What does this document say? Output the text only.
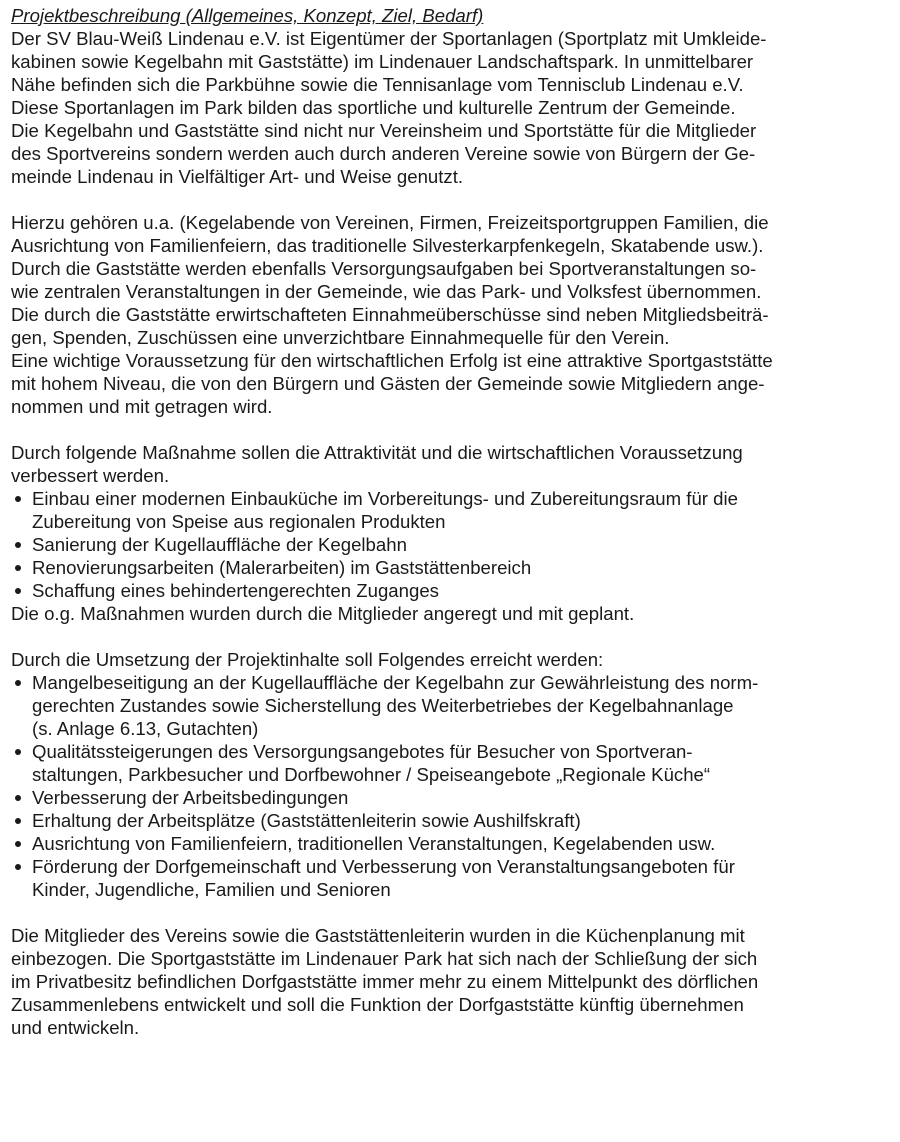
Projektbeschreibung (Allgemeines, Konzept, Ziel, Bedarf)

Der SV Blau-Weiß Lindenau e.V. ist Eigentümer der Sportanlagen (Sportplatz mit Umkleide-
kabinen sowie Kegelbahn mit Gaststätte) im Lindenauer Landschaftspark. In unmittelbarer
Nähe befinden sich die Parkbühne sowie die Tennisanlage vom Tennisclub Lindenau e.V.
Diese Sportanlagen im Park bilden das sportliche und kulturelle Zentrum der Gemeinde.
Die Kegelbahn und Gaststätte sind nicht nur Vereinsheim und Sportstätte für die Mitglieder
des Sportvereins sondern werden auch durch anderen Vereine sowie von Bürgern der Ge-
meinde Lindenau in Vielfältiger Art- und Weise genutzt.

Hierzu gehören u.a. (Kegelabende von Vereinen, Firmen, Freizeitsportgruppen Familien, die
Ausrichtung von Familienfeiern, das traditionelle Silvesterkarpfenkegeln, Skatabende usw.).
Durch die Gaststätte werden ebenfalls Versorgungsaufgaben bei Sportveranstaltungen so-
wie zentralen Veranstaltungen in der Gemeinde, wie das Park- und Volksfest übernommen.
Die durch die Gaststätte erwirtschafteten Einnahmeüberschüsse sind neben Mitgliedsbeiträ-
gen, Spenden, Zuschüssen eine unverzichtbare Einnahmequelle für den Verein.
Eine wichtige Voraussetzung für den wirtschaftlichen Erfolg ist eine attraktive Sportgaststätte
mit hohem Niveau, die von den Bürgern und Gästen der Gemeinde sowie Mitgliedern ange-
nommen und mit getragen wird.

Durch folgende Maßnahme sollen die Attraktivität und die wirtschaftlichen Voraussetzung
verbessert werden.

Einbau einer modernen Einbauküche im Vorbereitungs- und Zubereitungsraum für die
Zubereitung von Speise aus regionalen Produkten
Sanierung der Kugellauffläche der Kegelbahn
Renovierungsarbeiten (Malerarbeiten) im Gaststättenbereich
Schaffung eines behindertengerechten Zuganges

Die o.g. Maßnahmen wurden durch die Mitglieder angeregt und mit geplant.

Durch die Umsetzung der Projektinhalte soll Folgendes erreicht werden:

Mangelbeseitigung an der Kugellauffläche der Kegelbahn zur Gewährleistung des norm-
gerechten Zustandes sowie Sicherstellung des Weiterbetriebes der Kegelbahnanlage
(s. Anlage 6.13, Gutachten)
Qualitätssteigerungen des Versorgungsangebotes für Besucher von Sportveran-
staltungen, Parkbesucher und Dorfbewohner / Speiseangebote „Regionale Küche“
Verbesserung der Arbeitsbedingungen
Erhaltung der Arbeitsplätze (Gaststättenleiterin sowie Aushilfskraft)
Ausrichtung von Familienfeiern, traditionellen Veranstaltungen, Kegelabenden usw.
Förderung der Dorfgemeinschaft und Verbesserung von Veranstaltungsangeboten für
Kinder, Jugendliche, Familien und Senioren

Die Mitglieder des Vereins sowie die Gaststättenleiterin wurden in die Küchenplanung mit
einbezogen. Die Sportgaststätte im Lindenauer Park hat sich nach der Schließung der sich
im Privatbesitz befindlichen Dorfgaststätte immer mehr zu einem Mittelpunkt des dörflichen
Zusammenlebens entwickelt und soll die Funktion der Dorfgaststätte künftig übernehmen
und entwickeln.
